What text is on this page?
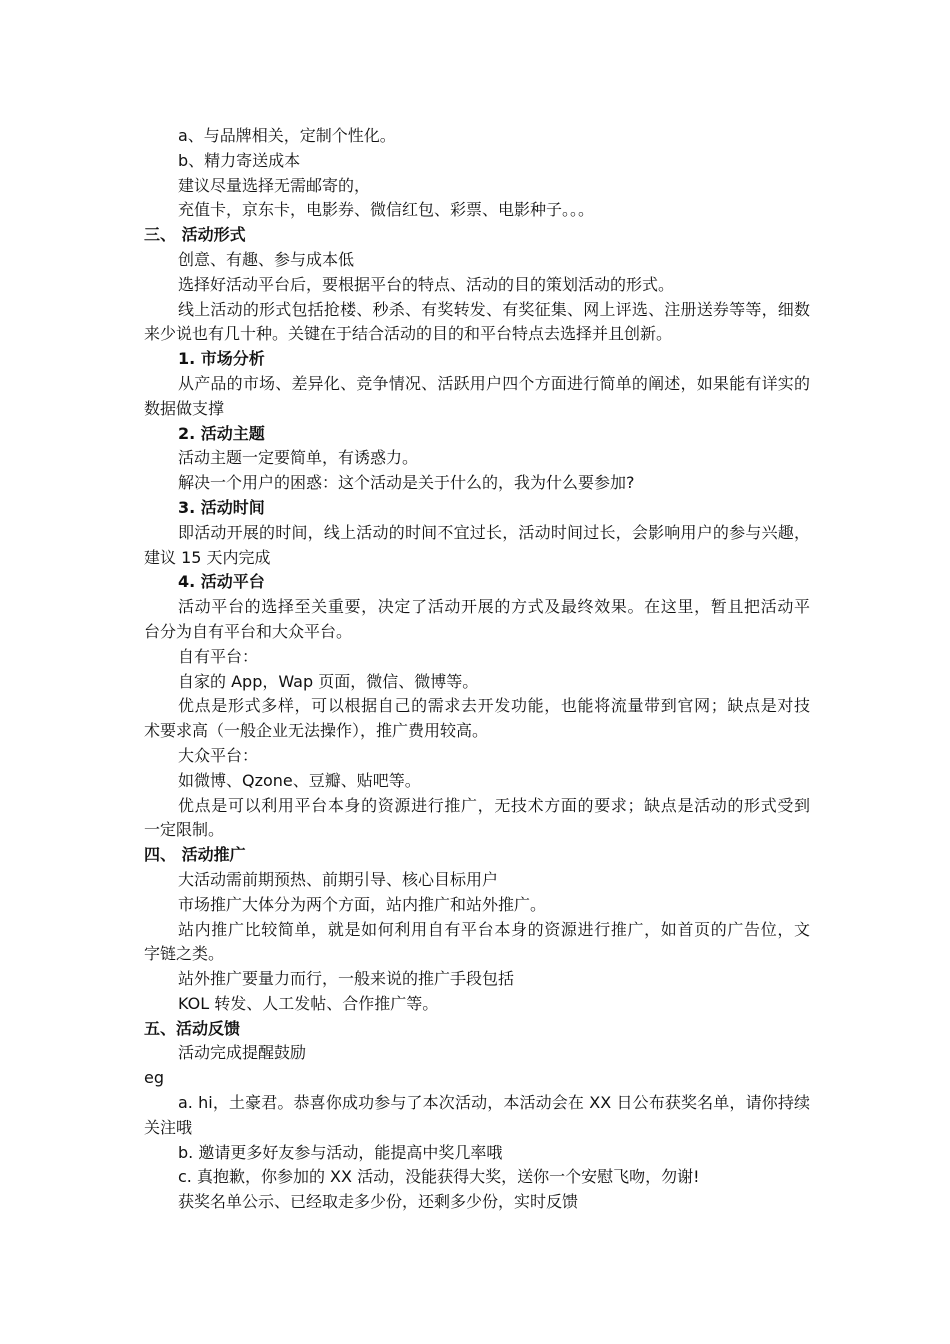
a、与品牌相关，定制个性化。
b、精力寄送成本
建议尽量选择无需邮寄的，
充值卡，京东卡，电影券、微信红包、彩票、电影种子。。。
三、 活动形式
创意、有趣、参与成本低
选择好活动平台后，要根据平台的特点、活动的目的策划活动的形式。
线上活动的形式包括抢楼、秒杀、有奖转发、有奖征集、网上评选、注册送券等等，细数
来少说也有几十种。关键在于结合活动的目的和平台特点去选择并且创新。
1. 市场分析
从产品的市场、差异化、竞争情况、活跃用户四个方面进行简单的阐述，如果能有详实的
数据做支撑
2. 活动主题
活动主题一定要简单，有诱惑力。
解决一个用户的困惑：这个活动是关于什么的，我为什么要参加?
3. 活动时间
即活动开展的时间，线上活动的时间不宜过长，活动时间过长，会影响用户的参与兴趣，
建议 15 天内完成
4. 活动平台
活动平台的选择至关重要，决定了活动开展的方式及最终效果。在这里，暂且把活动平
台分为自有平台和大众平台。
自有平台：
自家的 App，Wap 页面，微信、微博等。
优点是形式多样，可以根据自己的需求去开发功能，也能将流量带到官网；缺点是对技
术要求高（一般企业无法操作），推广费用较高。
大众平台：
如微博、Qzone、豆瓣、贴吧等。
优点是可以利用平台本身的资源进行推广，无技术方面的要求；缺点是活动的形式受到
一定限制。
四、 活动推广
大活动需前期预热、前期引导、核心目标用户
市场推广大体分为两个方面，站内推广和站外推广。
站内推广比较简单，就是如何利用自有平台本身的资源进行推广，如首页的广告位，文
字链之类。
站外推广要量力而行，一般来说的推广手段包括
KOL 转发、人工发帖、合作推广等。
五、活动反馈
活动完成提醒鼓励
eg
a. hi，土豪君。恭喜你成功参与了本次活动，本活动会在 XX 日公布获奖名单，请你持续
关注哦
b. 邀请更多好友参与活动，能提高中奖几率哦
c. 真抱歉，你参加的 XX 活动，没能获得大奖，送你一个安慰飞吻，勿谢!
获奖名单公示、已经取走多少份，还剩多少份，实时反馈
